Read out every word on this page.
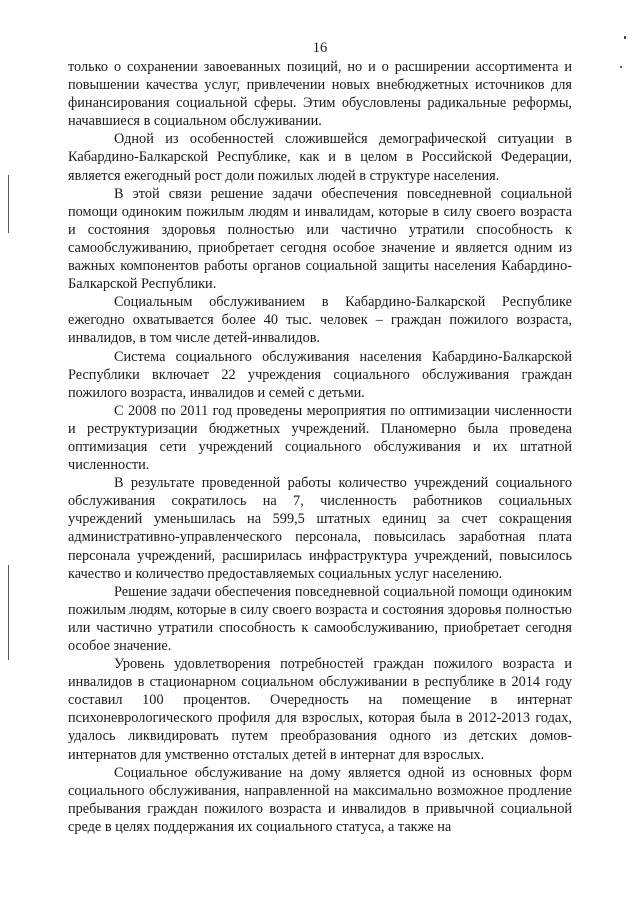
16

только о сохранении завоеванных позиций, но и о расширении ассортимента и повышении качества услуг, привлечении новых внебюджетных источников для финансирования социальной сферы. Этим обусловлены радикальные реформы, начавшиеся в социальном обслуживании.

Одной из особенностей сложившейся демографической ситуации в Кабардино-Балкарской Республике, как и в целом в Российской Федерации, является ежегодный рост доли пожилых людей в структуре населения.

В этой связи решение задачи обеспечения повседневной социальной помощи одиноким пожилым людям и инвалидам, которые в силу своего возраста и состояния здоровья полностью или частично утратили способность к самообслуживанию, приобретает сегодня особое значение и является одним из важных компонентов работы органов социальной защиты населения Кабардино-Балкарской Республики.

Социальным обслуживанием в Кабардино-Балкарской Республике ежегодно охватывается более 40 тыс. человек – граждан пожилого возраста, инвалидов, в том числе детей-инвалидов.

Система социального обслуживания населения Кабардино-Балкарской Республики включает 22 учреждения социального обслуживания граждан пожилого возраста, инвалидов и семей с детьми.

С 2008 по 2011 год проведены мероприятия по оптимизации численности и реструктуризации бюджетных учреждений. Планомерно была проведена оптимизация сети учреждений социального обслуживания и их штатной численности.

В результате проведенной работы количество учреждений социального обслуживания сократилось на 7, численность работников социальных учреждений уменьшилась на 599,5 штатных единиц за счет сокращения административно-управленческого персонала, повысилась заработная плата персонала учреждений, расширилась инфраструктура учреждений, повысилось качество и количество предоставляемых социальных услуг населению.

Решение задачи обеспечения повседневной социальной помощи одиноким пожилым людям, которые в силу своего возраста и состояния здоровья полностью или частично утратили способность к самообслуживанию, приобретает сегодня особое значение.

Уровень удовлетворения потребностей граждан пожилого возраста и инвалидов в стационарном социальном обслуживании в республике в 2014 году составил 100 процентов. Очередность на помещение в интернат психоневрологического профиля для взрослых, которая была в 2012-2013 годах, удалось ликвидировать путем преобразования одного из детских домов-интернатов для умственно отсталых детей в интернат для взрослых.

Социальное обслуживание на дому является одной из основных форм социального обслуживания, направленной на максимально возможное продление пребывания граждан пожилого возраста и инвалидов в привычной социальной среде в целях поддержания их социального статуса, а также на
